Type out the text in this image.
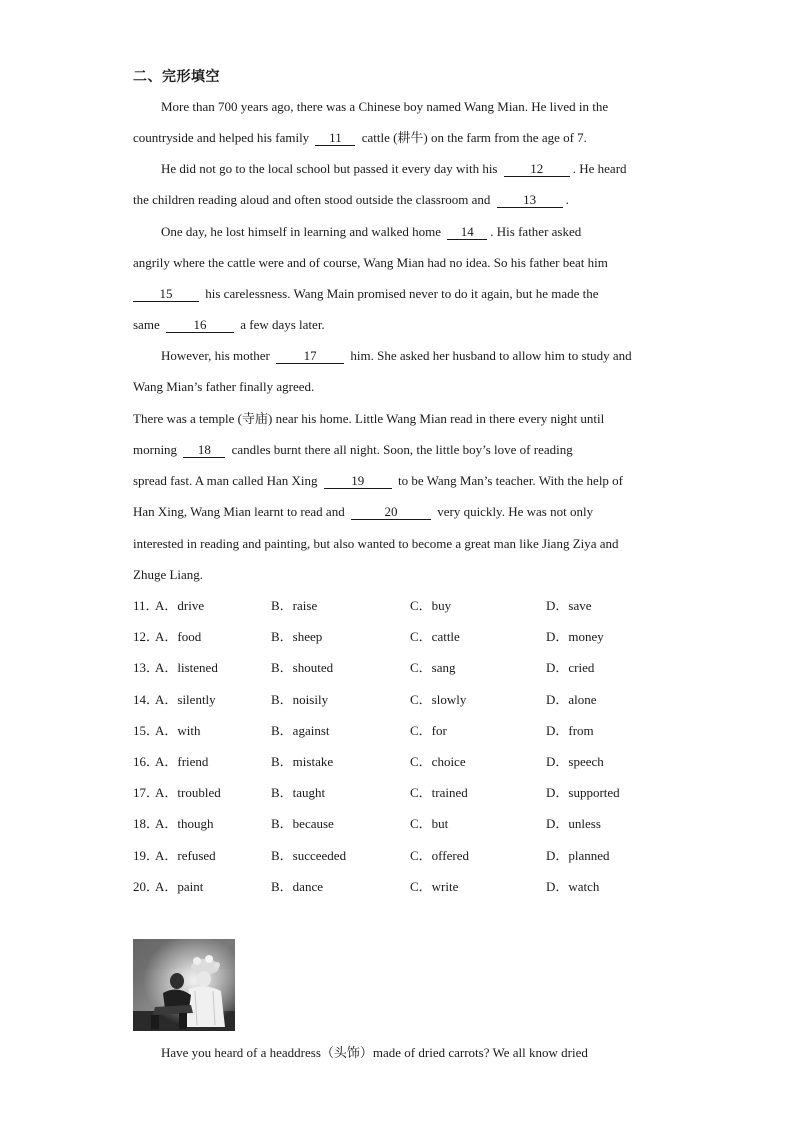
二、完形填空
More than 700 years ago, there was a Chinese boy named Wang Mian. He lived in the
countryside and helped his family 11 cattle (耕牛) on the farm from the age of 7.
He did not go to the local school but passed it every day with his	12 . He heard
the children reading aloud and often stood outside the classroom and	13 .
One day, he lost himself in learning and walked home 14 . His father asked
angrily where the cattle were and of course, Wang Mian had no idea. So his father beat him
15	his carelessness. Wang Main promised never to do it again, but he made the
same	16	a few days later.
However, his mother	17	him. She asked her husband to allow him to study and
Wang Mian’s father finally agreed.
There was a temple (寺庙) near his home. Little Wang Mian read in there every night until
morning 18 candles burnt there all night. Soon, the little boy’s love of reading
spread fast. A man called Han Xing	19	to be Wang Man’s teacher. With the help of
Han Xing, Wang Mian learnt to read and	20	very quickly. He was not only
interested in reading and painting, but also wanted to become a great man like Jiang Ziya and
Zhuge Liang.
11．
A．drive	B．raise	C．buy	D．save
12．
A．food	B．sheep	C．cattle	D．money
13．
A．listened	B．shouted	C．sang	D．cried
14．
A．silently	B．noisily	C．slowly	D．alone
15．
A．with	B．against	C．for	D．from
16．
A．friend	B．mistake	C．choice	D．speech
17．
A．troubled	B．taught	C．trained	D．supported
18．
A．though	B．because	C．but	D．unless
19．
A．refused	B．succeeded	C．offered	D．planned
20．
A．paint	B．dance	C．write	D．watch
Have you heard of a headdress（头饰）made of dried carrots? We all know dried
